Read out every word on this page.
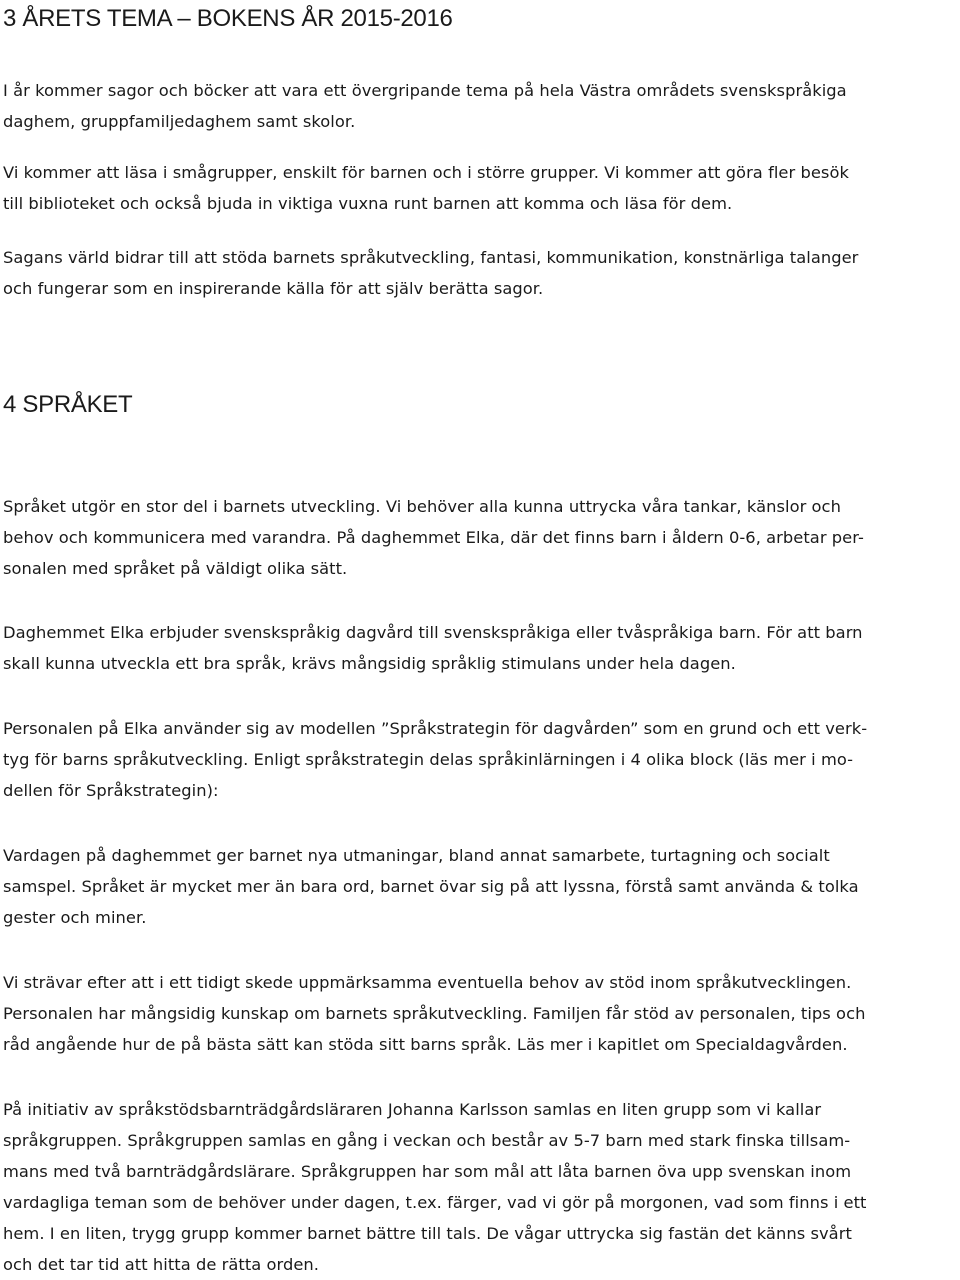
3 ÅRETS TEMA – BOKENS ÅR 2015-2016

I år kommer sagor och böcker att vara ett övergripande tema på hela Västra områdets svenskspråkiga
daghem, gruppfamiljedaghem samt skolor.

Vi kommer att läsa i smågrupper, enskilt för barnen och i större grupper. Vi kommer att göra fler besök
till biblioteket och också bjuda in viktiga vuxna runt barnen att komma och läsa för dem.

Sagans värld bidrar till att stöda barnets språkutveckling, fantasi, kommunikation, konstnärliga talanger
och fungerar som en inspirerande källa för att själv berätta sagor.

4 SPRÅKET

Språket utgör en stor del i barnets utveckling. Vi behöver alla kunna uttrycka våra tankar, känslor och
behov och kommunicera med varandra. På daghemmet Elka, där det finns barn i åldern 0-6, arbetar per-
sonalen med språket på väldigt olika sätt.

Daghemmet Elka erbjuder svenskspråkig dagvård till svenskspråkiga eller tvåspråkiga barn. För att barn
skall kunna utveckla ett bra språk, krävs mångsidig språklig stimulans under hela dagen.

Personalen på Elka använder sig av modellen ”Språkstrategin för dagvården” som en grund och ett verk-
tyg för barns språkutveckling. Enligt språkstrategin delas språkinlärningen i 4 olika block (läs mer i mo-
dellen för Språkstrategin):

Vardagen på daghemmet ger barnet nya utmaningar, bland annat samarbete, turtagning och socialt
samspel. Språket är mycket mer än bara ord, barnet övar sig på att lyssna, förstå samt använda & tolka
gester och miner.

Vi strävar efter att i ett tidigt skede uppmärksamma eventuella behov av stöd inom språkutvecklingen.
Personalen har mångsidig kunskap om barnets språkutveckling. Familjen får stöd av personalen, tips och
råd angående hur de på bästa sätt kan stöda sitt barns språk. Läs mer i kapitlet om Specialdagvården.

På initiativ av språkstödsbarnträdgårdsläraren Johanna Karlsson samlas en liten grupp som vi kallar
språkgruppen. Språkgruppen samlas en gång i veckan och består av 5-7 barn med stark finska tillsam-
mans med två barnträdgårdslärare. Språkgruppen har som mål att låta barnen öva upp svenskan inom
vardagliga teman som de behöver under dagen, t.ex. färger, vad vi gör på morgonen, vad som finns i ett
hem. I en liten, trygg grupp kommer barnet bättre till tals. De vågar uttrycka sig fastän det känns svårt
och det tar tid att hitta de rätta orden.
